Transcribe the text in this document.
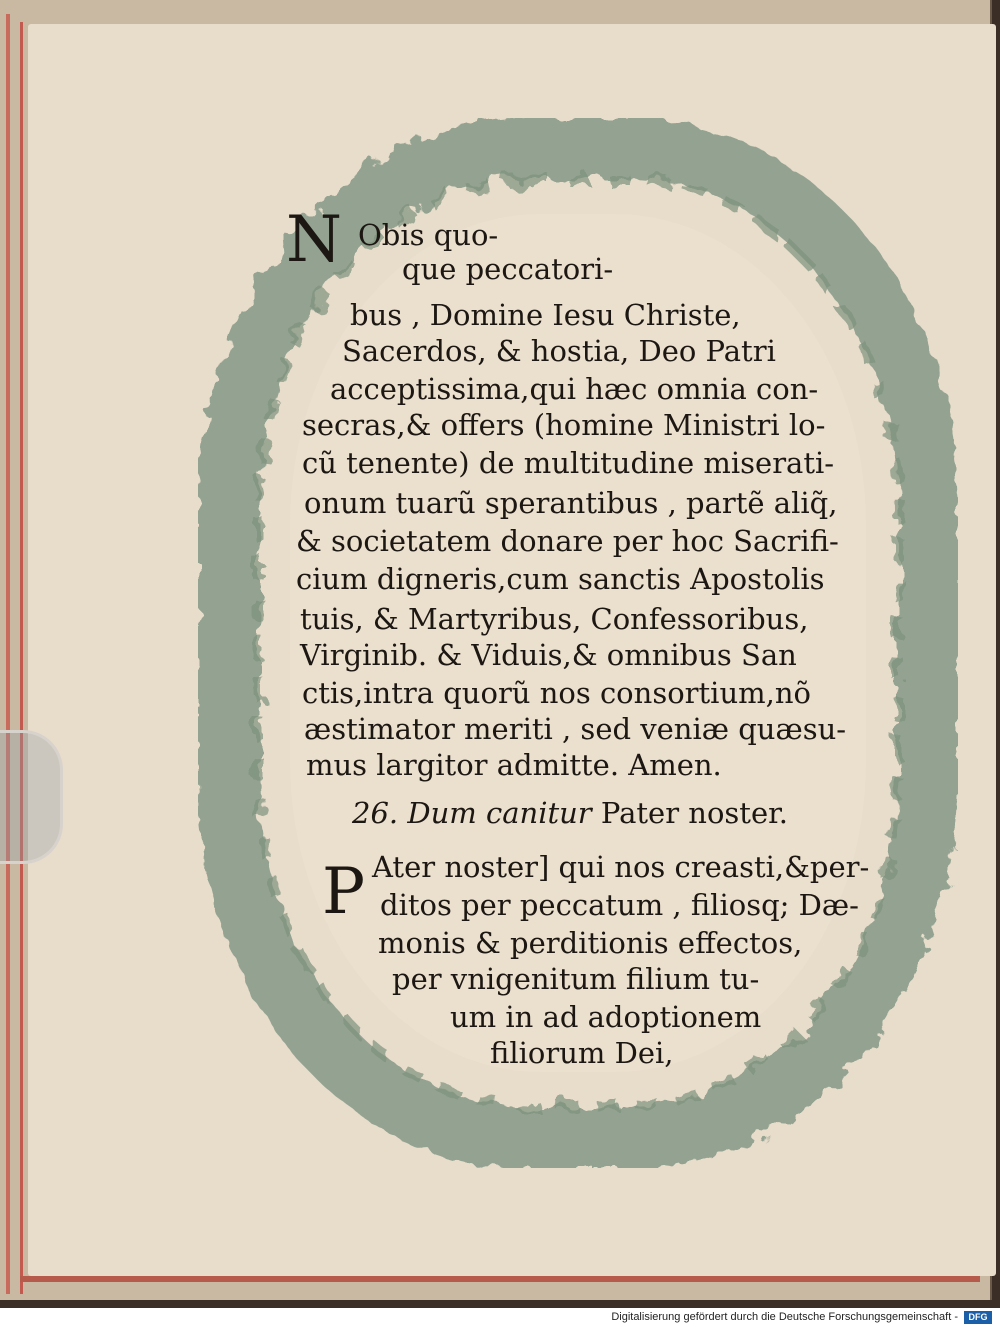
N Obis quo-
que peccatori-
bus , Domine Iesu Christe,
Sacerdos, & hostia, Deo Patri
acceptissima,qui hæc omnia con-
secras,& offers (homine Ministri lo-
cũ tenente) de multitudine miserati-
onum tuarũ sperantibus , partẽ aliq̃,
& societatem donare per hoc Sacrifi-
cium digneris,cum sanctis Apostolis
tuis, & Martyribus, Confessoribus,
Virginib. & Viduis,& omnibus San
ctis,intra quorũ nos consortium,nõ
æstimator meriti , sed veniæ quæsu-
mus largitor admitte. Amen.
26. Dum canitur Pater noster.
P Ater noster] qui nos creasti,&per-
ditos per peccatum , filiosq; Dæ-
monis & perditionis effectos,
per vnigenitum filium tu-
um in ad adoptionem
filiorum Dei,
Digitalisierung gefördert durch die Deutsche Forschungsgemeinschaft -	DFG
